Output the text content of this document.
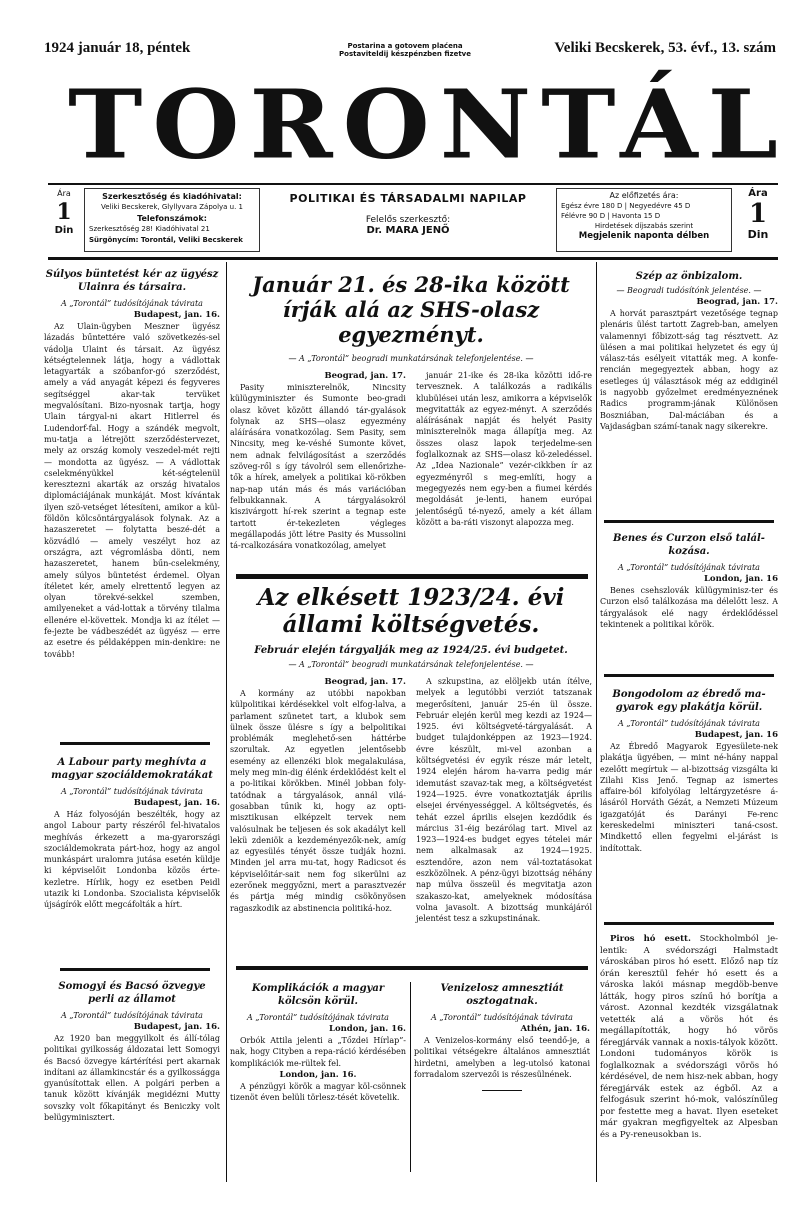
1924 január 18, péntek	Postarina a gotovem plaćena
Postaviteldij készpénzben fizetve	Veliki Becskerek, 53. évf., 13. szám
TORONTÁL
Ára
1
Din
Szerkesztőség és kiadóhivatal:
Veliki Becskerek, Glyllyvara Zápolya u. 1
Telefonszámok:
Szerkesztőség 28! Kiadóhivatal 21
Sürgönycím: Torontál, Veliki Becskerek
POLITIKAI ÉS TÁRSADALMI NAPILAP
Felelős szerkesztő:
Dr. MARA JENŐ
Az előfizetés ára:
Egész évre 180 D | Negyedévre 45 D
Félévre 90 D | Havonta 15 D
Hirdetések díjszabás szerint
Megjelenik naponta délben
Ára
1
Din
Súlyos büntetést kér az ügyész Ulainra és társaira.
A „Torontál” tudósítójának távirata
Budapest, jan. 16.

Az Ulain-ügyben Meszner ügyész lázadás bűntettére való szövetkezés-sel vádolja Ulaint és társait. Az ügyész kétségtelennek látja, hogy a vádlottak letagyarták a szóbanfor-gó szerződést, amely a vád anyagát képezi és fegyveres segítséggel akar-tak tervüket megvalósítani. Bizo-nyosnak tartja, hogy Ulain tárgyal-ni akart Hitlerrel és Ludendorf-fal. Hogy a szándék megvolt, mu-tatja a létrejött szerződéstervezet, mely az ország komoly veszedel-mét rejti — mondotta az ügyész. — A vádlottak cselekményükkel két-ségtelenül keresztezni akarták az ország hivatalos diplomáciájának munkáját. Most kívántak ilyen szö-vetséget létesíteni, amikor a kül-földön kölcsöntárgyalások folynak. Az a hazaszeretet — folytatta beszé-dét a közvádló — amely veszélyt hoz az országra, azt végromlásba dönti, nem hazaszeretet, hanem bűn-cselekmény, amely súlyos büntetést érdemel. Olyan ítéletet kér, amely elrettentő legyen az olyan törekvé-sekkel szemben, amilyeneket a vád-lottak a törvény tilalma ellenére el-követtek. Mondja ki az ítélet — fe-jezte be vádbeszédét az ügyész — erre az esetre és példaképpen min-denkire: ne tovább!

A Labour party meghívta a magyar szociáldemokratákat
A „Torontál” tudósítójának távirata
Budapest, jan. 16.

A Ház folyosóján beszélték, hogy az angol Labour party részéről fel-hivatalos meghívás érkezett a ma-gyarországi szociáldemokrata párt-hoz, hogy az angol munkáspárt uralomra jutása esetén küldje ki képviselőit Londonba közös érte-kezletre. Hírlik, hogy ez esetben Peidl utazik ki Londonba. Szocialista képviselők újságírók előtt megcáfolták a hírt.

Somogyi és Bacsó özvegye perli az államot
A „Torontál” tudósítójának távirata
Budapest, jan. 16.

Az 1920 ban meggyilkolt és állí-tólag politikai gyilkosság áldozatai lett Somogyi és Bacsó özvegye kártérítési pert akarnak indítani az államkincstár és a gyilkosságga gyanúsítottak ellen. A polgári perben a tanuk között kívánják megidézni Mutty sovszky volt főkapitányt és Beniczky volt belügyminisztert.

Január 21. és 28-ika között írják alá az SHS-olasz egyezményt.
— A „Torontál” beogradi munkatársának telefonjelentése. —
Beograd, jan. 17.

Pasity miniszterelnök, Nincsity külügyminiszter és Sumonte beo-gradi olasz követ között állandó tár-gyalások folynak az SHS—olasz egyezmény aláírására vonatkozólag. Sem Pasity, sem Nincsity, meg ke-véshé Sumonte követ, nem adnak felvilágosítást a szerződés szöveg-ről s így távolról sem ellenőrizhe-tők a hírek, amelyek a politikai kö-rökben nap-nap után más és más variációban felbukkannak. A tárgyalásokról kiszivárgott hí-rek szerint a tegnap este tartott ér-tekezleten végleges megállapodás jött létre Pasity és Mussolini tá-rcalkozására vonatkozólag, amelyet

január 21-ike és 28-ika közötti idő-re tervesznek. A találkozás a radikális klubülései után lesz, amikorra a képviselők megvitatták az egyez-ményt. A szerződés aláírásának napját és helyét Pasity miniszterelnök maga állapítja meg. Az összes olasz lapok terjedelme-sen foglalkoznak az SHS—olasz kö-zeledéssel. Az „Idea Nazionale” vezér-cikkben ír az egyezményről s meg-említi, hogy a megegyezés nem egy-ben a fiumei kérdés megoldását je-lenti, hanem európai jelentőségű té-nyező, amely a két állam között a ba-ráti viszonyt alapozza meg.

Az elkésett 1923/24. évi állami költségvetés.
Február elején tárgyalják meg az 1924/25. évi budgetet.
— A „Torontál” beogradi munkatársának telefonjelentése. —
Beograd, jan. 17.

A kormány az utóbbi napokban külpolitikai kérdésekkel volt elfog-lalva, a parlament szünetet tart, a klubok sem ülnek össze ülésre s így a belpolitikai problémák meglehető-sen háttérbe szorultak. Az egyetlen jelentősebb esemény az ellenzéki blok megalakulása, mely meg min-dig élénk érdeklődést kelt el a po-litikai körökben. Minél jobban foly-tatódnak a tárgyalások, annál vilá-gosabban tűnik ki, hogy az opti-misztikusan elképzelt tervek nem valósulnak be teljesen és sok akadályt kell lekü zdeniök a kezdeményezők-nek, amíg az egyesülés tényét össze tudják hozni. Minden jel arra mu-tat, hogy Radicsot és képviselőitár-sait nem fog sikerülni az ezerőnek meggyőzni, mert a parasztvezér és pártja még mindig csökönyösen ragaszkodik az abstinencia politiká-hoz.

A szkupstina, az elöljekb után ítélve, melyek a legutóbbi verziót tatszanak megerősíteni, január 25-én ül össze. Február elején kerül meg kezdi az 1924—1925. évi költségveté-tárgyalását. A budget tulajdonképpen az 1923—1924. évre készült, mi-vel azonban a költségvetési év egyik része már letelt, 1924 elején három ha-varra pedig már idemutást szavaz-tak meg, a költségvetést 1924—1925. évre vonatkoztatják április elsejei érvényességgel. A költségvetés, és tehát ezzel április elsejen kezdődik és március 31-éig bezárólag tart. Mivel az 1923—1924-es budget egyes tételei már nem alkalmasak az 1924—1925. esztendőre, azon nem vál-toztatásokat eszközölnek. A pénz-ügyi bizottság néhány nap múlva összeül és megvitatja azon szakaszo-kat, amelyeknek módosítása volna javasolt. A bizottság munkájáról jelentést tesz a szkupstinának.

Komplikációk a magyar kölcsön körül.
A „Torontál” tudósítójának távirata
London, jan. 16.

Orbók Attila jelenti a „Tőzdei Hírlap”-nak, hogy Cityben a repa-ráció kérdésében komplikációk me-rültek fel.

London, jan. 16.

A pénzügyi körök a magyar köl-csönnek tizenöt éven belüli törlesz-tését követelik.

Venizelosz amnesztiát osztogatnak.
A „Torontál” tudósítójának távirata
Athén, jan. 16.

A Venizelos-kormány első teendő-je, a politikai vétségekre általános amnesztiát hirdetni, amelyben a leg-utolsó katonai forradalom szervezői is részesülnének.

Szép az önbizalom.
— Beogradi tudósítónk jelentése. —
Beograd, jan. 17.

A horvát parasztpárt vezetősége tegnap plenáris ülést tartott Zagreb-ban, amelyen valamennyi főbizott-ság tag résztvett. Az ülésen a mai politikai helyzetet és egy új válasz-tás esélyeit vitatták meg. A konfe-rencián megegyeztek abban, hogy az esetleges új választások még az eddiginél is nagyobb győzelmet eredményeznének Radics programm-jának Különösen Boszniában, Dal-máciában és a Vajdaságban számí-tanak nagy sikerekre.

Benes és Curzon első talál-kozása.
A „Torontál” tudósítójának távirata
London, jan. 16

Benes csehszlovák külügyminisz-ter és Curzon első találkozása ma délelőtt lesz. A tárgyalások elé nagy érdeklődéssel tekintenek a politikai körök.

Bongodolom az ébredő ma-gyarok egy plakátja körül.
A „Torontál” tudósítójának távirata
Budapest, jan. 16

Az Ébredő Magyarok Egyesülete-nek plakátja ügyében, — mint né-hány nappal ezelőtt megírtuk — al-bizottság vizsgálta ki Zilahi Kiss Jenő. Tegnap az ismertes affaire-ból kifolyólag leltárgyzetésre á-lásáról Horváth Gézát, a Nemzeti Múzeum igazgatóját és Darányi Fe-renc kereskedelmi miniszteri taná-csost. Mindkettő ellen fegyelmi el-járást is indítottak.

Piros hó esett. Stockholmból je-lentik: A svédországi Halmstadt városkában piros hó esett. Előző nap tíz órán keresztül fehér hó esett és a városka lakói másnap megdöb-benve látták, hogy piros színű hó borítja a várost. Azonnal kezdték vizsgálatnak vetették alá a vörös hót és megállapították, hogy hó vörös féregjárvák vannak a noxis-tályok között. Londoni tudományos körök is foglalkoznak a svédországi vörös hó kérdésével, de nem hisz-nek abban, hogy féregjárvák estek az égből. Az a felfogásuk szerint hó-mok, valószínűleg por festette meg a havat. Ilyen eseteket már gyakran megfigyeltek az Alpesban és a Py-reneusokban is.
